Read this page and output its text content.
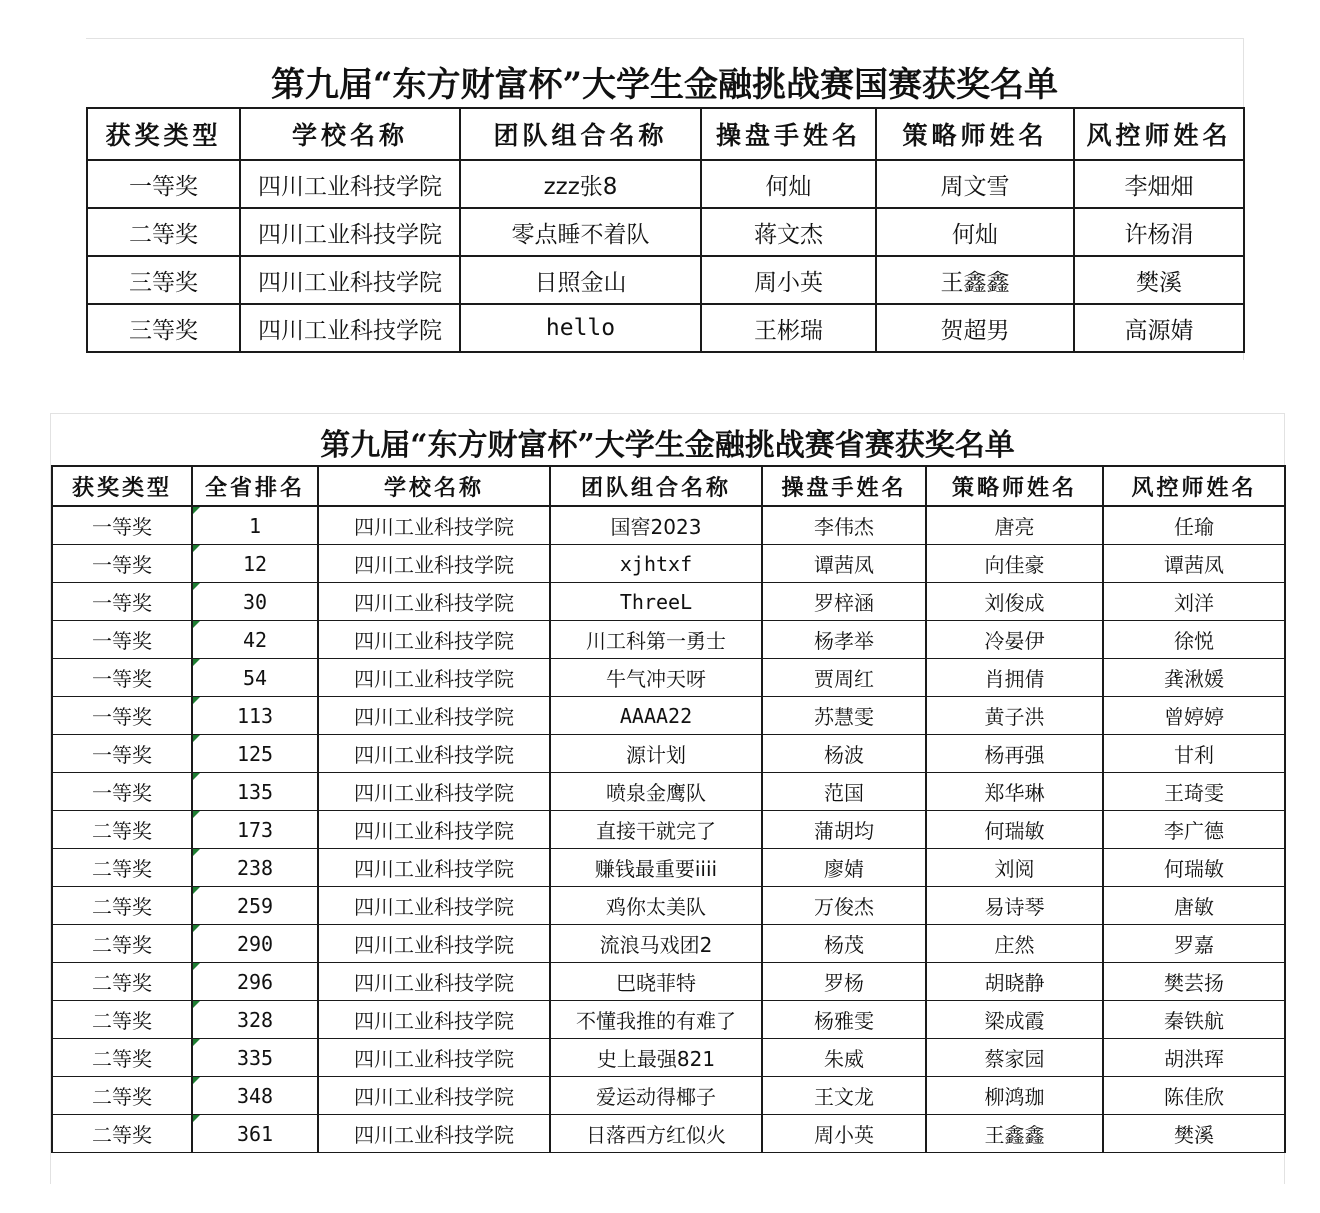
第九届“东方财富杯”大学生金融挑战赛国赛获奖名单
获奖类型	学校名称	团队组合名称	操盘手姓名	策略师姓名	风控师姓名
一等奖	四川工业科技学院	zzz张8	何灿	周文雪	李畑畑
二等奖	四川工业科技学院	零点睡不着队	蒋文杰	何灿	许杨涓
三等奖	四川工业科技学院	日照金山	周小英	王鑫鑫	樊溪
三等奖	四川工业科技学院	hello	王彬瑞	贺超男	高源婧
第九届“东方财富杯”大学生金融挑战赛省赛获奖名单
获奖类型	全省排名	学校名称	团队组合名称	操盘手姓名	策略师姓名	风控师姓名
一等奖	1	四川工业科技学院	国窖2023	李伟杰	唐亮	任瑜
一等奖	12	四川工业科技学院	xjhtxf	谭茜凤	向佳豪	谭茜凤
一等奖	30	四川工业科技学院	ThreeL	罗梓涵	刘俊成	刘洋
一等奖	42	四川工业科技学院	川工科第一勇士	杨孝举	冷晏伊	徐悦
一等奖	54	四川工业科技学院	牛气冲天呀	贾周红	肖拥倩	龚湫媛
一等奖	113	四川工业科技学院	AAAA22	苏慧雯	黄子洪	曾婷婷
一等奖	125	四川工业科技学院	源计划	杨波	杨再强	甘利
一等奖	135	四川工业科技学院	喷泉金鹰队	范国	郑华琳	王琦雯
二等奖	173	四川工业科技学院	直接干就完了	蒲胡均	何瑞敏	李广德
二等奖	238	四川工业科技学院	赚钱最重要iiii	廖婧	刘阅	何瑞敏
二等奖	259	四川工业科技学院	鸡你太美队	万俊杰	易诗琴	唐敏
二等奖	290	四川工业科技学院	流浪马戏团2	杨茂	庄然	罗嘉
二等奖	296	四川工业科技学院	巴晓菲特	罗杨	胡晓静	樊芸扬
二等奖	328	四川工业科技学院	不懂我推的有难了	杨雅雯	梁成霞	秦铁航
二等奖	335	四川工业科技学院	史上最强821	朱威	蔡家园	胡洪珲
二等奖	348	四川工业科技学院	爱运动得椰子	王文龙	柳鸿珈	陈佳欣
二等奖	361	四川工业科技学院	日落西方红似火	周小英	王鑫鑫	樊溪
